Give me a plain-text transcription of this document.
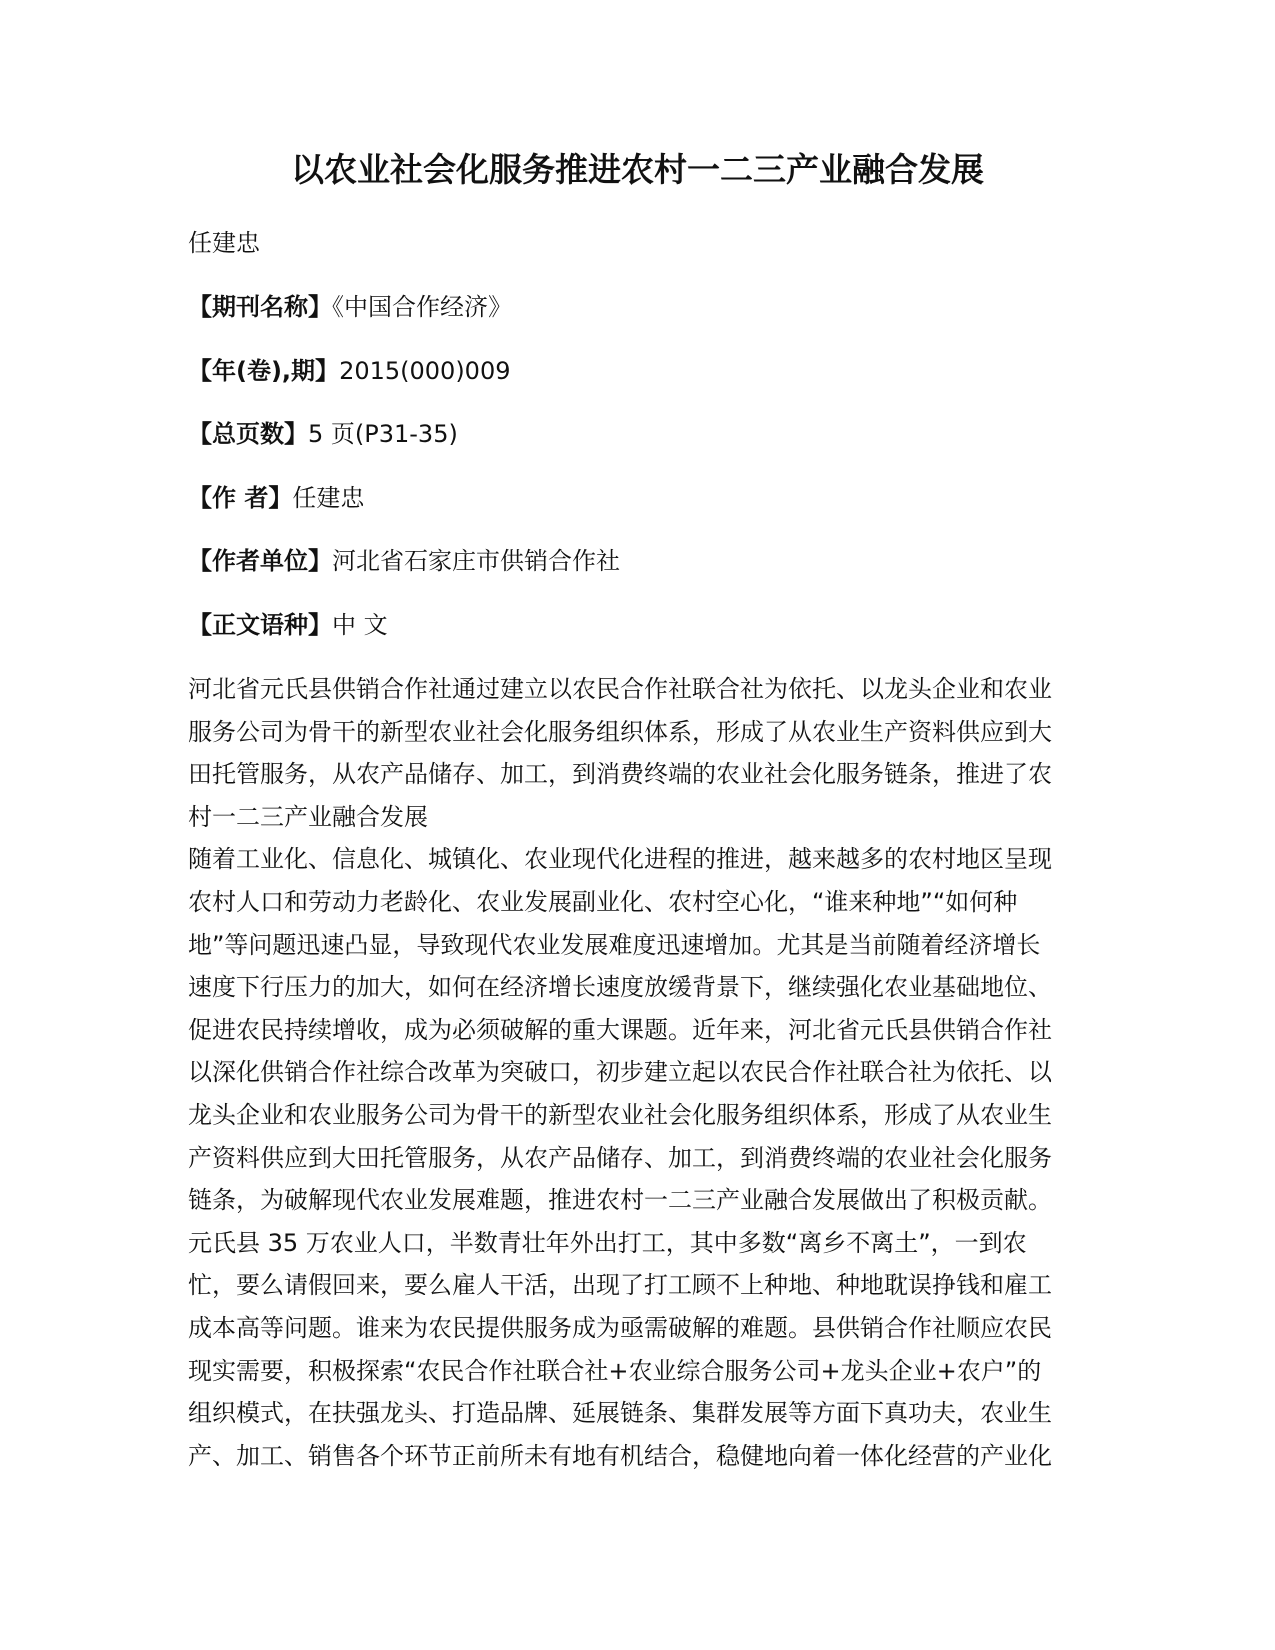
以农业社会化服务推进农村一二三产业融合发展
任建忠
【期刊名称】《中国合作经济》
【年(卷),期】2015(000)009
【总页数】5 页(P31-35)
【作 者】任建忠
【作者单位】河北省石家庄市供销合作社
【正文语种】中 文
河北省元氏县供销合作社通过建立以农民合作社联合社为依托、以龙头企业和农业
服务公司为骨干的新型农业社会化服务组织体系，形成了从农业生产资料供应到大
田托管服务，从农产品储存、加工，到消费终端的农业社会化服务链条，推进了农
村一二三产业融合发展
随着工业化、信息化、城镇化、农业现代化进程的推进，越来越多的农村地区呈现
农村人口和劳动力老龄化、农业发展副业化、农村空心化，“谁来种地”“如何种
地”等问题迅速凸显，导致现代农业发展难度迅速增加。尤其是当前随着经济增长
速度下行压力的加大，如何在经济增长速度放缓背景下，继续强化农业基础地位、
促进农民持续增收，成为必须破解的重大课题。近年来，河北省元氏县供销合作社
以深化供销合作社综合改革为突破口，初步建立起以农民合作社联合社为依托、以
龙头企业和农业服务公司为骨干的新型农业社会化服务组织体系，形成了从农业生
产资料供应到大田托管服务，从农产品储存、加工，到消费终端的农业社会化服务
链条，为破解现代农业发展难题，推进农村一二三产业融合发展做出了积极贡献。
元氏县 35 万农业人口，半数青壮年外出打工，其中多数“离乡不离土”，一到农
忙，要么请假回来，要么雇人干活，出现了打工顾不上种地、种地耽误挣钱和雇工
成本高等问题。谁来为农民提供服务成为亟需破解的难题。县供销合作社顺应农民
现实需要，积极探索“农民合作社联合社+农业综合服务公司+龙头企业+农户”的
组织模式，在扶强龙头、打造品牌、延展链条、集群发展等方面下真功夫，农业生
产、加工、销售各个环节正前所未有地有机结合，稳健地向着一体化经营的产业化
